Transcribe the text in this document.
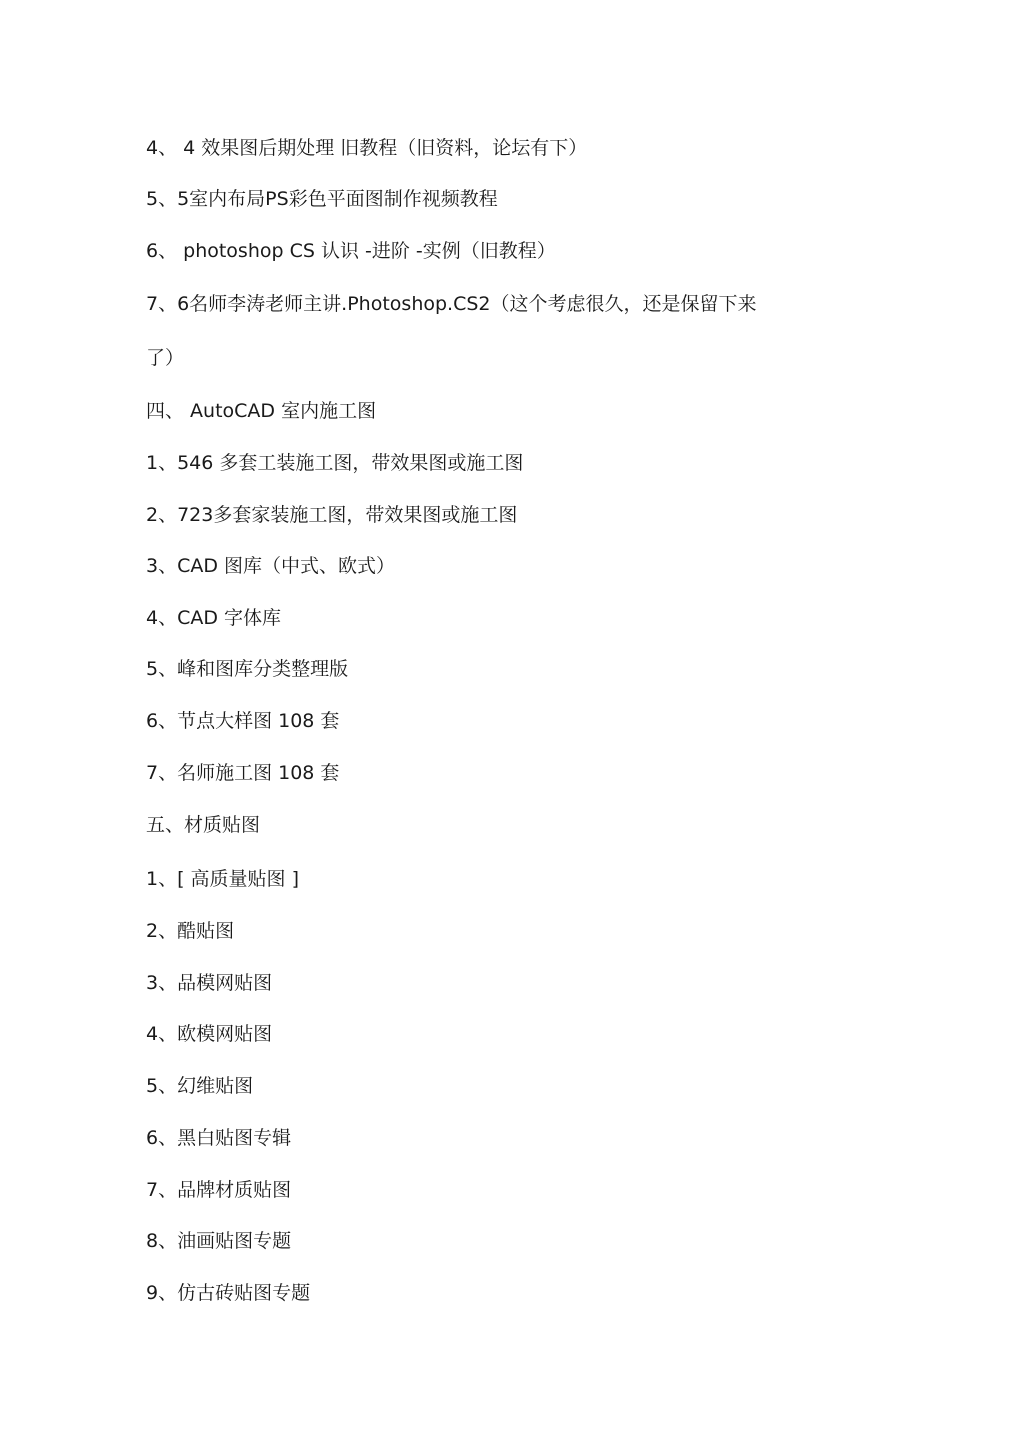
4、 4 效果图后期处理 旧教程（旧资料，论坛有下）
5、5室内布局PS彩色平面图制作视频教程
6、 photoshop CS 认识 -进阶 -实例（旧教程）
7、6名师李涛老师主讲.Photoshop.CS2（这个考虑很久，还是保留下来
了）
四、 AutoCAD 室内施工图
1、546 多套工装施工图，带效果图或施工图
2、723多套家装施工图，带效果图或施工图
3、CAD 图库（中式、欧式）
4、CAD 字体库
5、峰和图库分类整理版
6、节点大样图 108 套
7、名师施工图 108 套
五、材质贴图
1、[ 高质量贴图 ]
2、酷贴图
3、品模网贴图
4、欧模网贴图
5、幻维贴图
6、黑白贴图专辑
7、品牌材质贴图
8、油画贴图专题
9、仿古砖贴图专题
